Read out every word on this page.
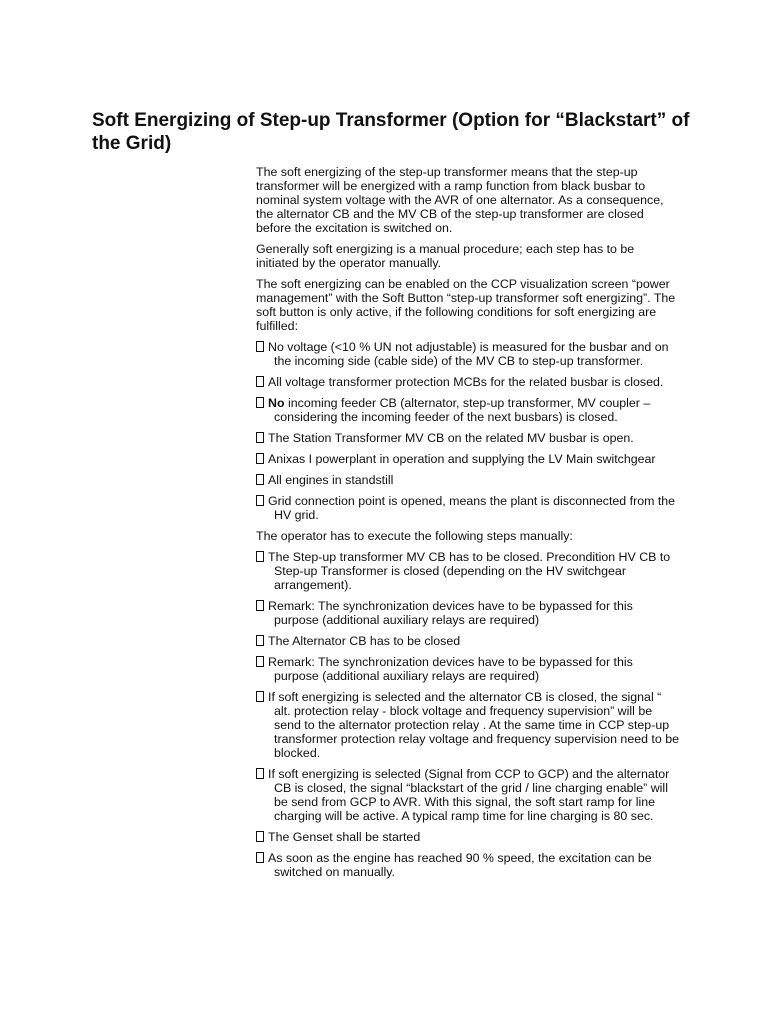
Soft Energizing of Step-up Transformer (Option for “Blackstart” of the Grid)

The soft energizing of the step-up transformer means that the step-up transformer will be energized with a ramp function from black busbar to nominal system voltage with the AVR of one alternator. As a consequence, the alternator CB and the MV CB of the step-up transformer are closed before the excitation is switched on.

Generally soft energizing is a manual procedure; each step has to be initiated by the operator manually.

The soft energizing can be enabled on the CCP visualization screen “power management” with the Soft Button “step-up transformer soft energizing”. The soft button is only active, if the following conditions for soft energizing are fulfilled:

No voltage (<10 % UN not adjustable) is measured for the busbar and on the incoming side (cable side) of the MV CB to step-up transformer.

All voltage transformer protection MCBs for the related busbar is closed.

No incoming feeder CB (alternator, step-up transformer, MV coupler – considering the incoming feeder of the next busbars) is closed.

The Station Transformer MV CB on the related MV busbar is open.

Anixas I powerplant in operation and supplying the LV Main switchgear

All engines in standstill

Grid connection point is opened, means the plant is disconnected from the HV grid.

The operator has to execute the following steps manually:

The Step-up transformer MV CB has to be closed. Precondition HV CB to Step-up Transformer is closed (depending on the HV switchgear arrangement).

Remark: The synchronization devices have to be bypassed for this purpose (additional auxiliary relays are required)

The Alternator CB has to be closed

Remark: The synchronization devices have to be bypassed for this purpose (additional auxiliary relays are required)

If soft energizing is selected and the alternator CB is closed, the signal “ alt. protection relay - block voltage and frequency supervision” will be send to the alternator protection relay . At the same time in CCP step-up transformer protection relay voltage and frequency supervision need to be blocked.

If soft energizing is selected (Signal from CCP to GCP) and the alternator CB is closed, the signal “blackstart of the grid / line charging enable” will be send from GCP to AVR. With this signal, the soft start ramp for line charging will be active. A typical ramp time for line charging is 80 sec.

The Genset shall be started

As soon as the engine has reached 90 % speed, the excitation can be switched on manually.
